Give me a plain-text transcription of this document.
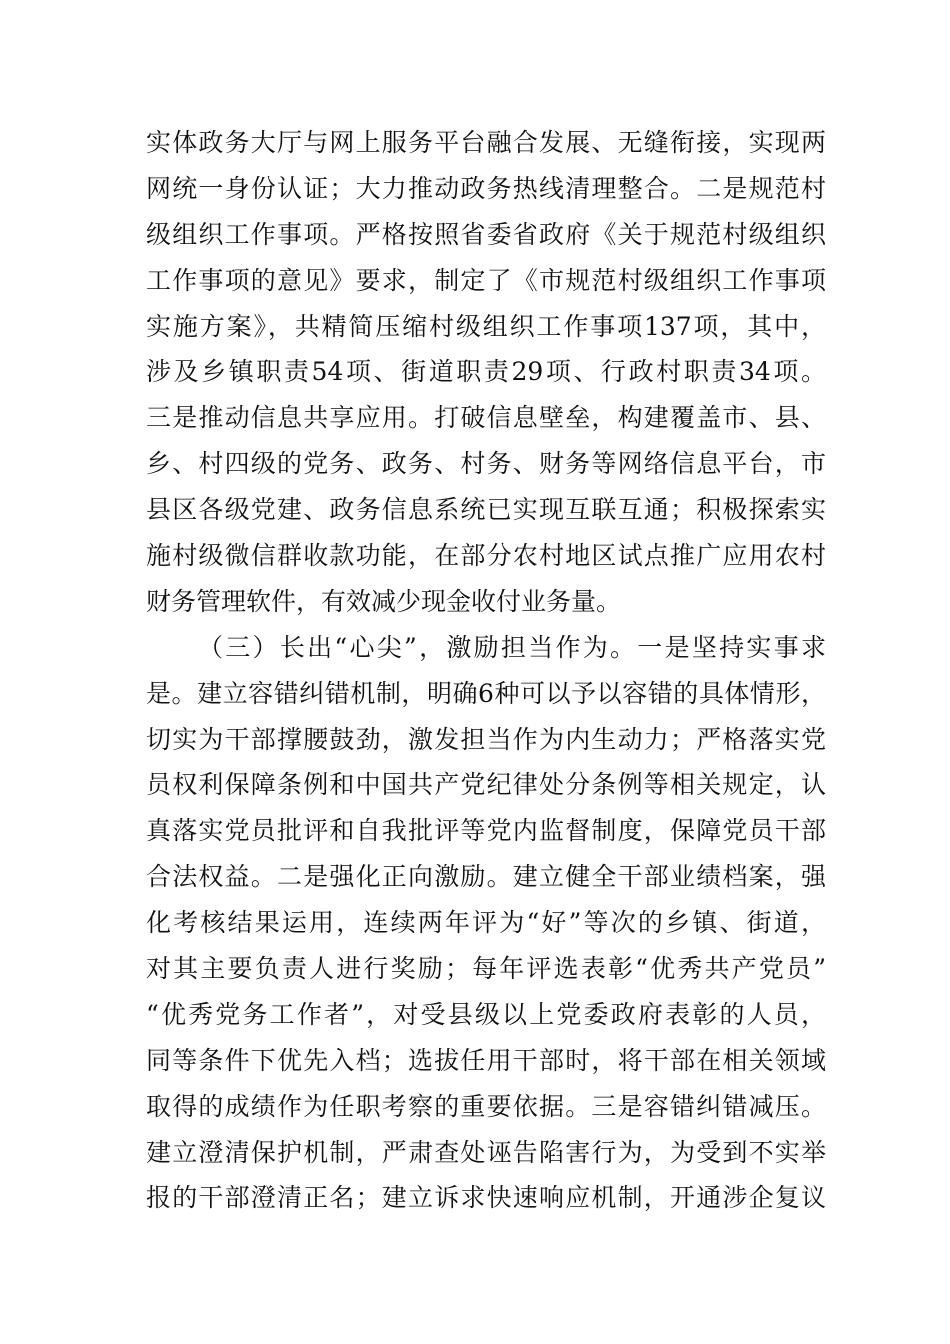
实体政务大厅与网上服务平台融合发展、无缝衔接，实现两
网统一身份认证；大力推动政务热线清理整合。二是规范村
级组织工作事项。严格按照省委省政府《关于规范村级组织
工作事项的意见》要求，制定了《市规范村级组织工作事项
实施方案》，共精简压缩村级组织工作事项137项，其中，
涉及乡镇职责54项、街道职责29项、行政村职责34项。
三是推动信息共享应用。打破信息壁垒，构建覆盖市、县、
乡、村四级的党务、政务、村务、财务等网络信息平台，市
县区各级党建、政务信息系统已实现互联互通；积极探索实
施村级微信群收款功能，在部分农村地区试点推广应用农村
财务管理软件，有效减少现金收付业务量。
（三）长出“心尖”，激励担当作为。一是坚持实事求
是。建立容错纠错机制，明确6种可以予以容错的具体情形，
切实为干部撑腰鼓劲，激发担当作为内生动力；严格落实党
员权利保障条例和中国共产党纪律处分条例等相关规定，认
真落实党员批评和自我批评等党内监督制度，保障党员干部
合法权益。二是强化正向激励。建立健全干部业绩档案，强
化考核结果运用，连续两年评为“好”等次的乡镇、街道，
对其主要负责人进行奖励；每年评选表彰“优秀共产党员”
“优秀党务工作者”，对受县级以上党委政府表彰的人员，
同等条件下优先入档；选拔任用干部时，将干部在相关领域
取得的成绩作为任职考察的重要依据。三是容错纠错减压。
建立澄清保护机制，严肃查处诬告陷害行为，为受到不实举
报的干部澄清正名；建立诉求快速响应机制，开通涉企复议
